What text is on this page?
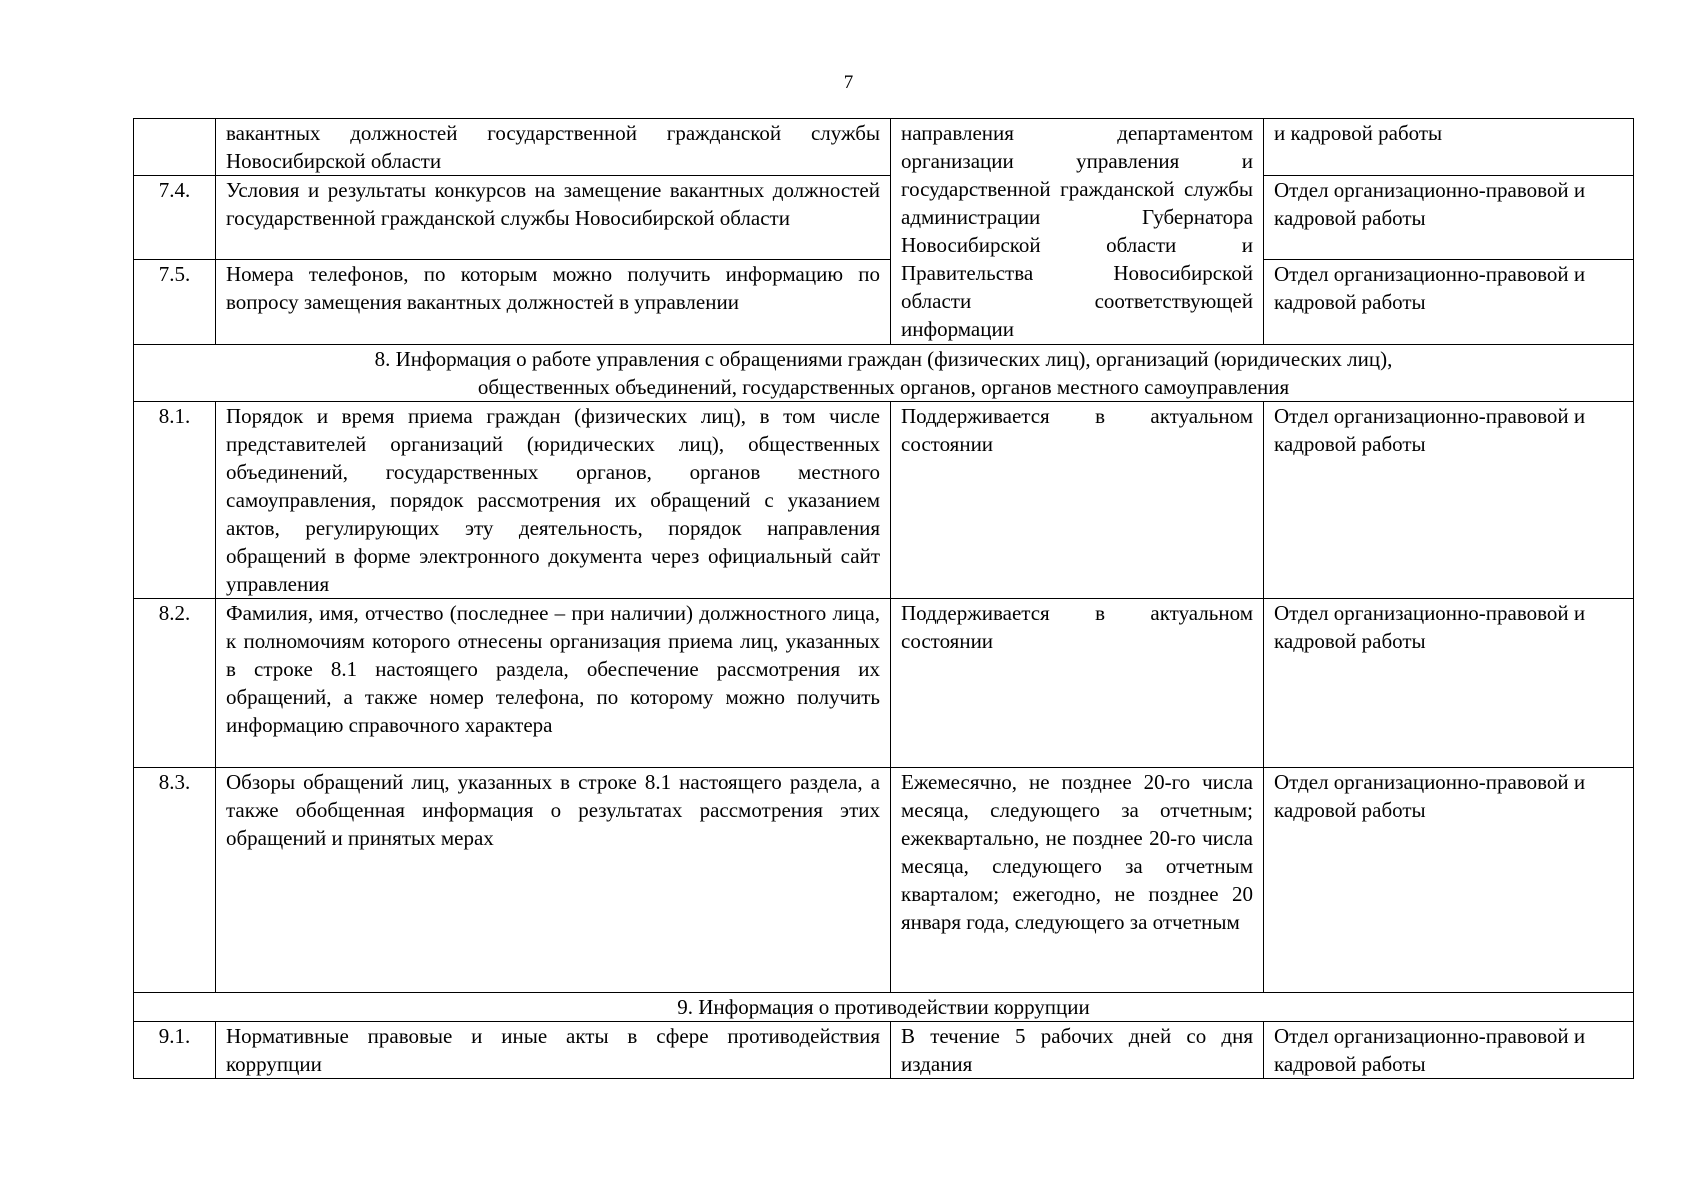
7
	вакантных должностей государственной гражданской службы Новосибирской области	направления департаментом организации управления и государственной гражданской службы администрации Губернатора Новосибирской области и Правительства Новосибирской области соответствующей информации	и кадровой работы
7.4.	Условия и результаты конкурсов на замещение вакантных должностей государственной гражданской службы Новосибирской области		Отдел организационно-правовой и кадровой работы
7.5.	Номера телефонов, по которым можно получить информацию по вопросу замещения вакантных должностей в управлении		Отдел организационно-правовой и кадровой работы

8. Информация о работе управления с обращениями граждан (физических лиц), организаций (юридических лиц),
общественных объединений, государственных органов, органов местного самоуправления			

8.1.	Порядок и время приема граждан (физических лиц), в том числе представителей организаций (юридических лиц), общественных объединений, государственных органов, органов местного самоуправления, порядок рассмотрения их обращений с указанием актов, регулирующих эту деятельность, порядок направления обращений в форме электронного документа через официальный сайт управления	Поддерживается в актуальном состоянии	Отдел организационно-правовой и кадровой работы
8.2.	Фамилия, имя, отчество (последнее – при наличии) должностного лица, к полномочиям которого отнесены организация приема лиц, указанных в строке 8.1 настоящего раздела, обеспечение рассмотрения их обращений, а также номер телефона, по которому можно получить информацию справочного характера	Поддерживается в актуальном состоянии	Отдел организационно-правовой и кадровой работы
8.3.	Обзоры обращений лиц, указанных в строке 8.1 настоящего раздела, а также обобщенная информация о результатах рассмотрения этих обращений и принятых мерах	Ежемесячно, не позднее 20-го числа месяца, следующего за отчетным; ежеквартально, не позднее 20-го числа месяца, следующего за отчетным кварталом; ежегодно, не позднее 20 января года, следующего за отчетным	Отдел организационно-правовой и кадровой работы
9. Информация о противодействии коррупции			
9.1.	Нормативные правовые и иные акты в сфере противодействия коррупции	В течение 5 рабочих дней со дня издания	Отдел организационно-правовой и кадровой работы
